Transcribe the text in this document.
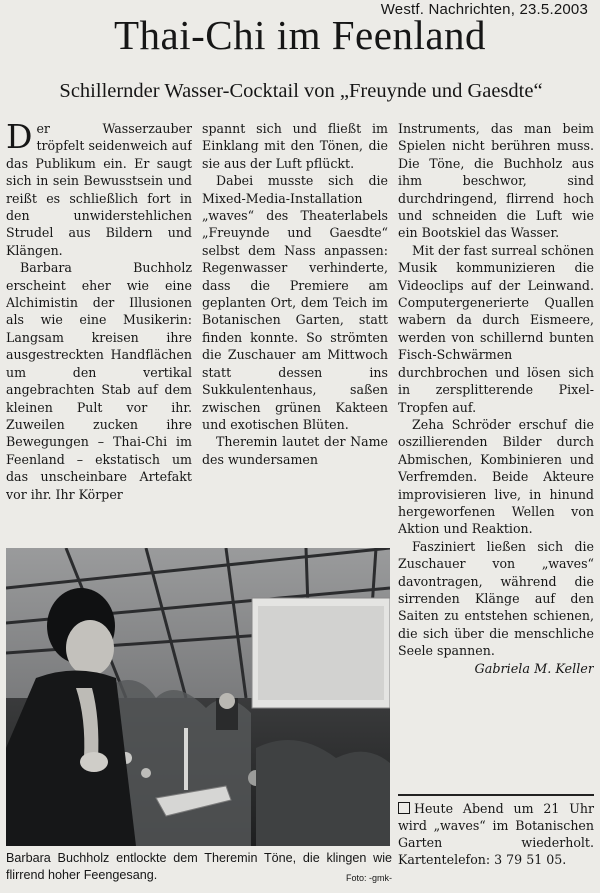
Westf. Nachrichten, 23.5.2003
Thai-Chi im Feenland
Schillernder Wasser-Cocktail von „Freuynde und Gaesdte“

Der Wasserzauber tröpfelt seidenweich auf das Publikum ein. Er saugt sich in sein Bewusstsein und reißt es schließlich fort in den unwiderstehlichen Strudel aus Bildern und Klängen.

Barbara Buchholz erscheint eher wie eine Alchimistin der Illusionen als wie eine Musikerin: Langsam kreisen ihre ausgestreckten Handflächen um den vertikal angebrachten Stab auf dem kleinen Pult vor ihr. Zuweilen zucken ihre Bewegungen – Thai-Chi im Feenland – ekstatisch um das unscheinbare Artefakt vor ihr. Ihr Körper

spannt sich und fließt im Einklang mit den Tönen, die sie aus der Luft pflückt.

Dabei musste sich die Mixed-Media-Installation „waves“ des Theaterlabels „Freuynde und Gaesdte“ selbst dem Nass anpassen: Regenwasser verhinderte, dass die Premiere am geplanten Ort, dem Teich im Botanischen Garten, statt finden konnte. So strömten die Zuschauer am Mittwoch statt dessen ins Sukkulentenhaus, saßen zwischen grünen Kakteen und exotischen Blüten.

Theremin lautet der Name des wundersamen

Instruments, das man beim Spielen nicht berühren muss. Die Töne, die Buchholz aus ihm beschwor, sind durchdringend, flirrend hoch und schneiden die Luft wie ein Bootskiel das Wasser.

Mit der fast surreal schönen Musik kommunizieren die Videoclips auf der Leinwand. Computergenerierte Quallen wabern da durch Eismeere, werden von schillernd bunten Fisch-Schwärmen durchbrochen und lösen sich in zersplitterende Pixel-Tropfen auf.

Zeha Schröder erschuf die oszillierenden Bilder durch Abmischen, Kombinieren und Verfremden. Beide Akteure improvisieren live, in hinund hergeworfenen Wellen von Aktion und Reaktion.

Fasziniert ließen sich die Zuschauer von „waves“ davontragen, während die sirrenden Klänge auf den Saiten zu entstehen schienen, die sich über die menschliche Seele spannen.

Gabriela M. Keller

Barbara Buchholz entlockte dem Theremin Töne, die klingen wie flirrend hoher Feengesang.	Foto: -gmk-
Heute Abend um 21 Uhr wird „waves“ im Botanischen Garten wiederholt. Kartentelefon: 3 79 51 05.
